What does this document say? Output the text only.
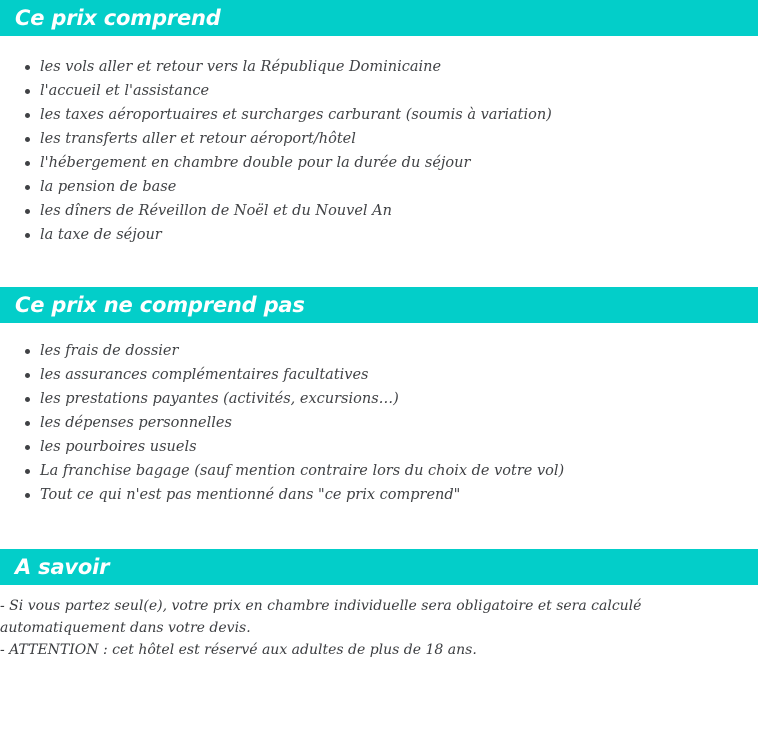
Ce prix comprend
les vols aller et retour vers la République Dominicaine
l'accueil et l'assistance
les taxes aéroportuaires et surcharges carburant (soumis à variation)
les transferts aller et retour aéroport/hôtel
l'hébergement en chambre double pour la durée du séjour
la pension de base
les dîners de Réveillon de Noël et du Nouvel An
la taxe de séjour
Ce prix ne comprend pas
les frais de dossier
les assurances complémentaires facultatives
les prestations payantes (activités, excursions…)
les dépenses personnelles
les pourboires usuels
La franchise bagage (sauf mention contraire lors du choix de votre vol)
Tout ce qui n'est pas mentionné dans "ce prix comprend"
A savoir

- Si vous partez seul(e), votre prix en chambre individuelle sera obligatoire et sera calculé automatiquement dans votre devis.

- ATTENTION : cet hôtel est réservé aux adultes de plus de 18 ans.
